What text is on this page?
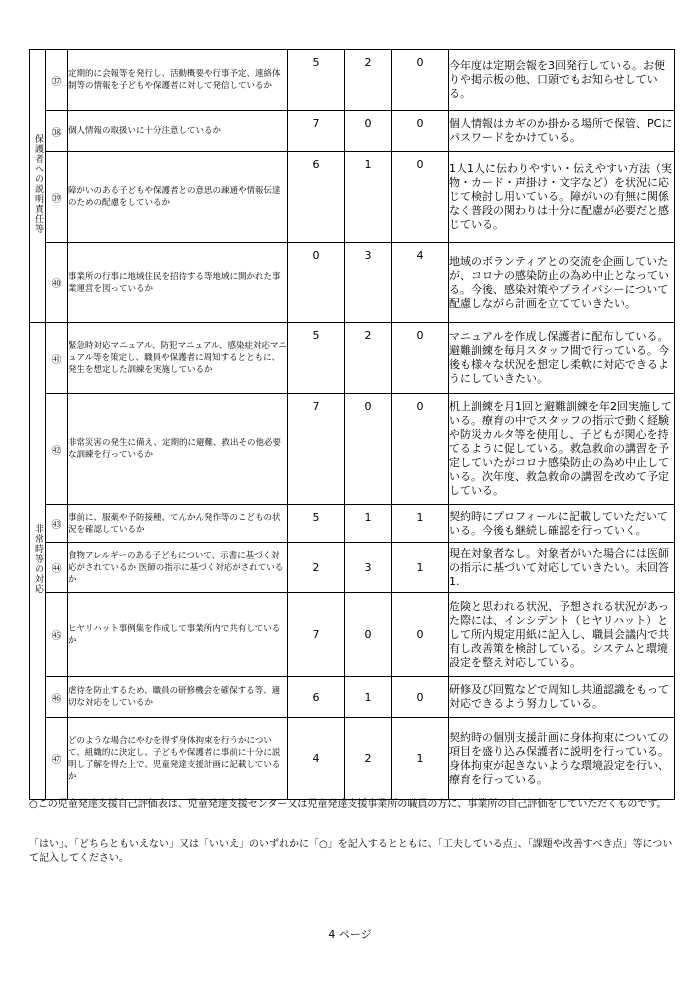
保護者への説明責任等	㊲	定期的に会報等を発行し、活動概要や行事予定、連絡体制等の情報を子どもや保護者に対して発信しているか	5	2	0	今年度は定期会報を3回発行している。お便りや掲示板の他、口頭でもお知らせしている。
	㊳	個人情報の取扱いに十分注意しているか	7	0	0	個人情報はカギのか掛かる場所で保管、PCにパスワードをかけている。
	㊴	障がいのある子どもや保護者との意思の疎通や情報伝達のための配慮をしているか	6	1	0	1人1人に伝わりやすい・伝えやすい方法（実物・カード・声掛け・文字など）を状況に応じて検討し用いている。障がいの有無に関係なく普段の関わりは十分に配慮が必要だと感じている。
	㊵	事業所の行事に地域住民を招待する等地域に開かれた事業運営を図っているか	0	3	4	地域のボランティアとの交流を企画していたが、コロナの感染防止の為め中止となっている。今後、感染対策やプライバシーについて配慮しながら計画を立てていきたい。
非常時等の対応	㊶	緊急時対応マニュアル、防犯マニュアル、感染症対応マニュアル等を策定し、職員や保護者に周知するとともに、発生を想定した訓練を実施しているか	5	2	0	マニュアルを作成し保護者に配布している。避難訓練を毎月スタッフ間で行っている。今後も様々な状況を想定し柔軟に対応できるようにしていきたい。
	㊷	非常災害の発生に備え、定期的に避難、救出その他必要な訓練を行っているか	7	0	0	机上訓練を月1回と避難訓練を年2回実施している。療育の中でスタッフの指示で動く経験や防災カルタ等を使用し、子どもが関心を持てるように促している。救急救命の講習を予定していたがコロナ感染防止の為め中止している。次年度、救急救命の講習を改めて予定している。
	㊸	事前に、服薬や予防接種、てんかん発作等のこどもの状況を確認しているか	5	1	1	契約時にプロフィールに記載していただいている。今後も継続し確認を行っていく。
	㊹	食物アレルギーのある子どもについて、示書に基づく対応がされているか 医師の指示に基づく対応がされているか	2	3	1	現在対象者なし。対象者がいた場合には医師の指示に基づいて対応していきたい。未回答1.
	㊺	ヒヤリハット事例集を作成して事業所内で共有しているか	7	0	0	危険と思われる状況、予想される状況があった際には、インシデント（ヒヤリハット）として所内規定用紙に記入し、職員会議内で共有し改善策を検討している。システムと環境設定を整え対応している。
	㊻	虐待を防止するため、職員の研修機会を確保する等、適切な対応をしているか	6	1	0	研修及び回覧などで周知し共通認識をもって対応できるよう努力している。
	㊼	どのような場合にやむを得ず身体拘束を行うかについて、組織的に決定し、子どもや保護者に事前に十分に説明し了解を得た上で、児童発達支援計画に記載しているか	4	2	1	契約時の個別支援計画に身体拘束についての項目を盛り込み保護者に説明を行っている。身体拘束が起きないような環境設定を行い、療育を行っている。
○この児童発達支援自己評価表は、児童発達支援センター又は児童発達支援事業所の職員の方に、事業所の自己評価をしていただくものです。
「はい」、「どちらともいえない」又は「いいえ」のいずれかに「○」を記入するとともに、「工夫している点」、「課題や改善すべき点」等について記入してください。
4 ページ
